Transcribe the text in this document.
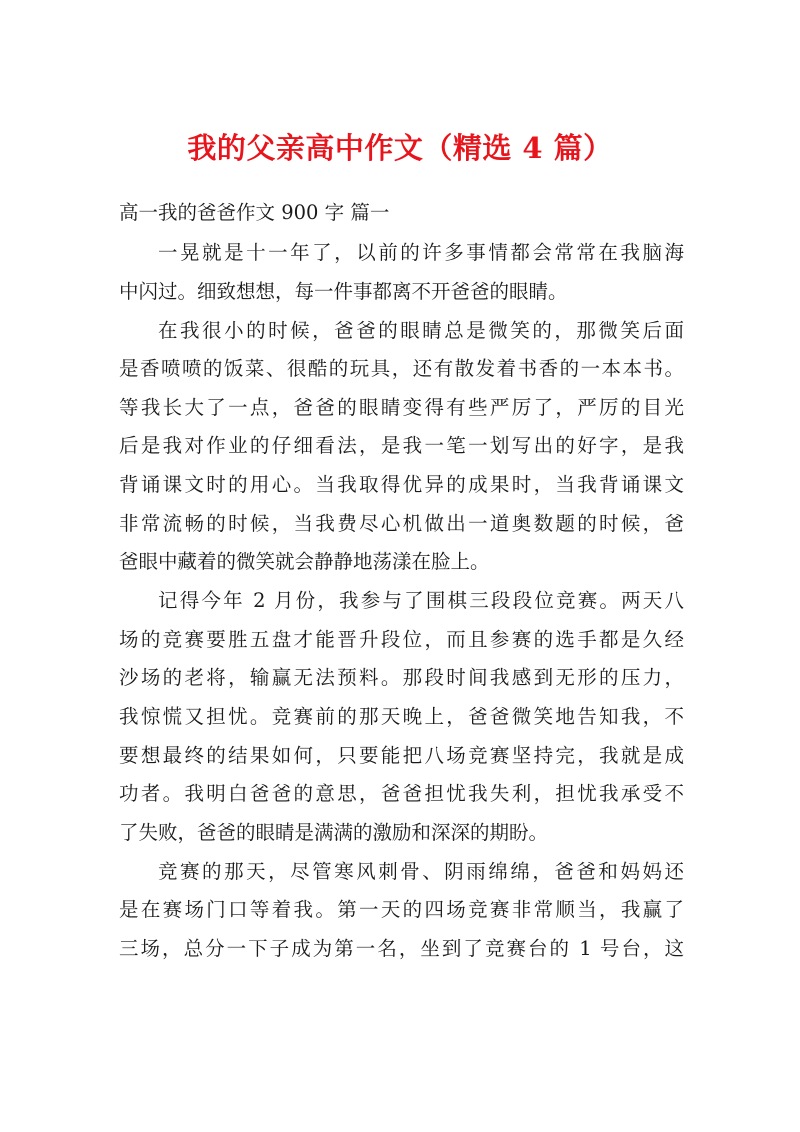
我的父亲高中作文（精选 4 篇）
高一我的爸爸作文 900 字 篇一
一晃就是十一年了，以前的许多事情都会常常在我脑海
中闪过。细致想想，每一件事都离不开爸爸的眼睛。
在我很小的时候，爸爸的眼睛总是微笑的，那微笑后面
是香喷喷的饭菜、很酷的玩具，还有散发着书香的一本本书。
等我长大了一点，爸爸的眼睛变得有些严厉了，严厉的目光
后是我对作业的仔细看法，是我一笔一划写出的好字，是我
背诵课文时的用心。当我取得优异的成果时，当我背诵课文
非常流畅的时候，当我费尽心机做出一道奥数题的时候，爸
爸眼中藏着的微笑就会静静地荡漾在脸上。
记得今年 2 月份，我参与了围棋三段段位竞赛。两天八
场的竞赛要胜五盘才能晋升段位，而且参赛的选手都是久经
沙场的老将，输赢无法预料。那段时间我感到无形的压力，
我惊慌又担忧。竞赛前的那天晚上，爸爸微笑地告知我，不
要想最终的结果如何，只要能把八场竞赛坚持完，我就是成
功者。我明白爸爸的意思，爸爸担忧我失利，担忧我承受不
了失败，爸爸的眼睛是满满的激励和深深的期盼。
竞赛的那天，尽管寒风刺骨、阴雨绵绵，爸爸和妈妈还
是在赛场门口等着我。第一天的四场竞赛非常顺当，我赢了
三场，总分一下子成为第一名，坐到了竞赛台的 1 号台，这
